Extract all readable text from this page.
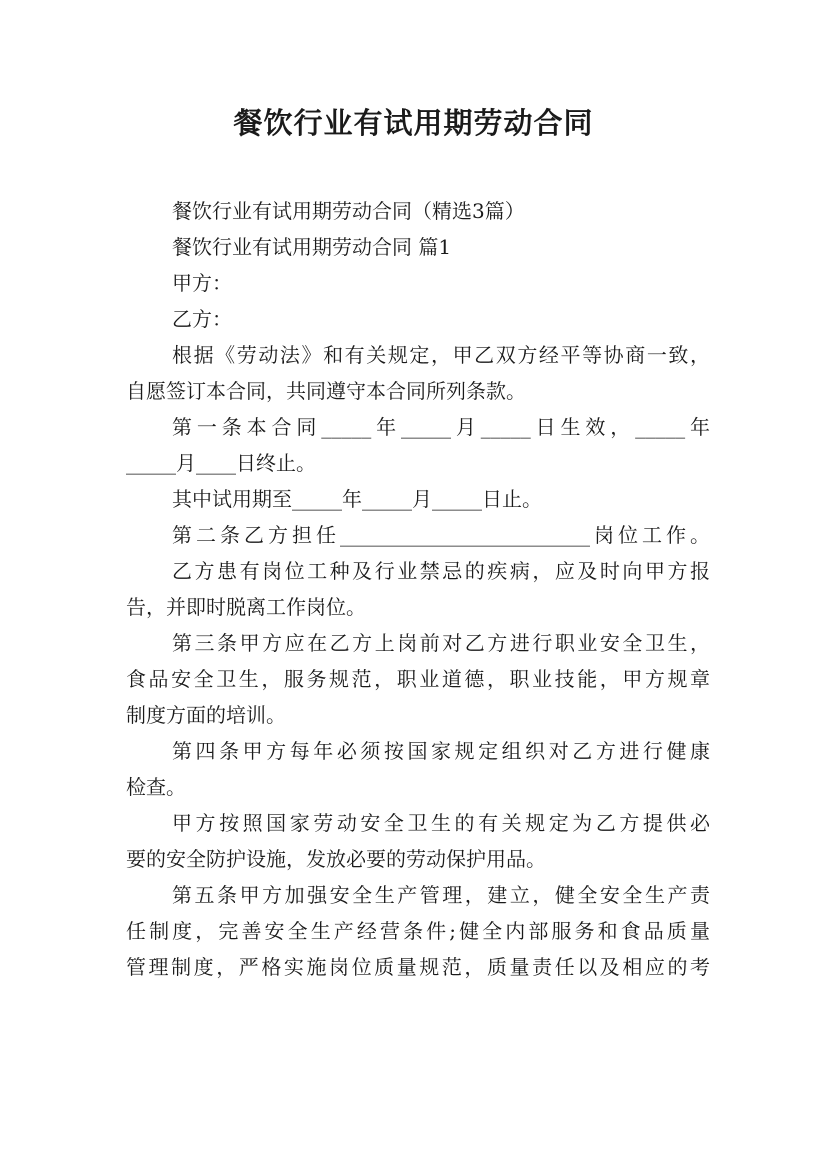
餐饮行业有试用期劳动合同
餐饮行业有试用期劳动合同（精选3篇）
餐饮行业有试用期劳动合同 篇1
甲方：
乙方：
根据《劳动法》和有关规定，甲乙双方经平等协商一致，
自愿签订本合同，共同遵守本合同所列条款。
第一条本合同_____年_____月_____日生效，_____年
_____月____日终止。
其中试用期至_____年_____月_____日止。
第二条乙方担任_________________________岗位工作。
乙方患有岗位工种及行业禁忌的疾病，应及时向甲方报
告，并即时脱离工作岗位。
第三条甲方应在乙方上岗前对乙方进行职业安全卫生，
食品安全卫生，服务规范，职业道德，职业技能，甲方规章
制度方面的培训。
第四条甲方每年必须按国家规定组织对乙方进行健康
检查。
甲方按照国家劳动安全卫生的有关规定为乙方提供必
要的安全防护设施，发放必要的劳动保护用品。
第五条甲方加强安全生产管理，建立，健全安全生产责
任制度，完善安全生产经营条件;健全内部服务和食品质量
管理制度，严格实施岗位质量规范，质量责任以及相应的考
